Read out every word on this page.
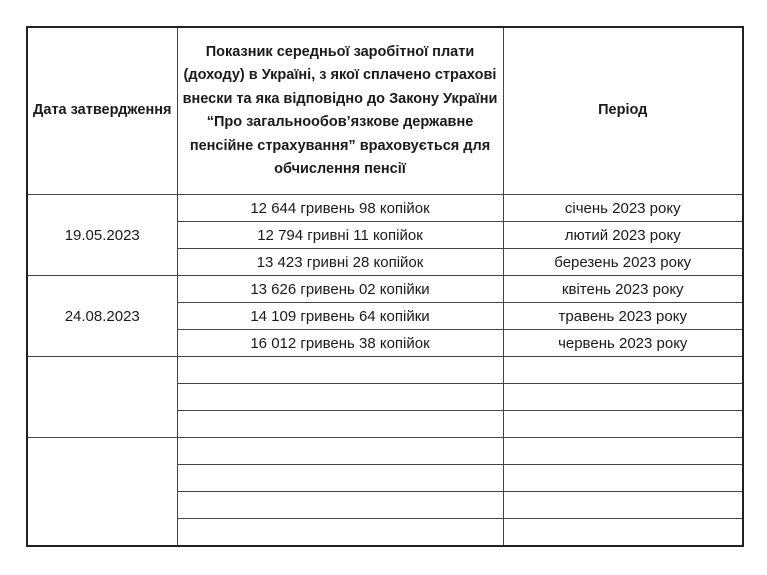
Дата затвердження	Показник середньої заробітної плати (доходу) в Україні, з якої сплачено страхові внески та яка відповідно до Закону України “Про загальнообов’язкове державне пенсійне страхування” враховується для обчислення пенсії	Період
19.05.2023	12 644 гривень 98 копійок	січень 2023 року
	12 794 гривні 11 копійок	лютий 2023 року
	13 423 гривні 28 копійок	березень 2023 року
24.08.2023	13 626 гривень 02 копійки	квітень 2023 року
	14 109 гривень 64 копійки	травень 2023 року
	16 012 гривень 38 копійок	червень 2023 року
